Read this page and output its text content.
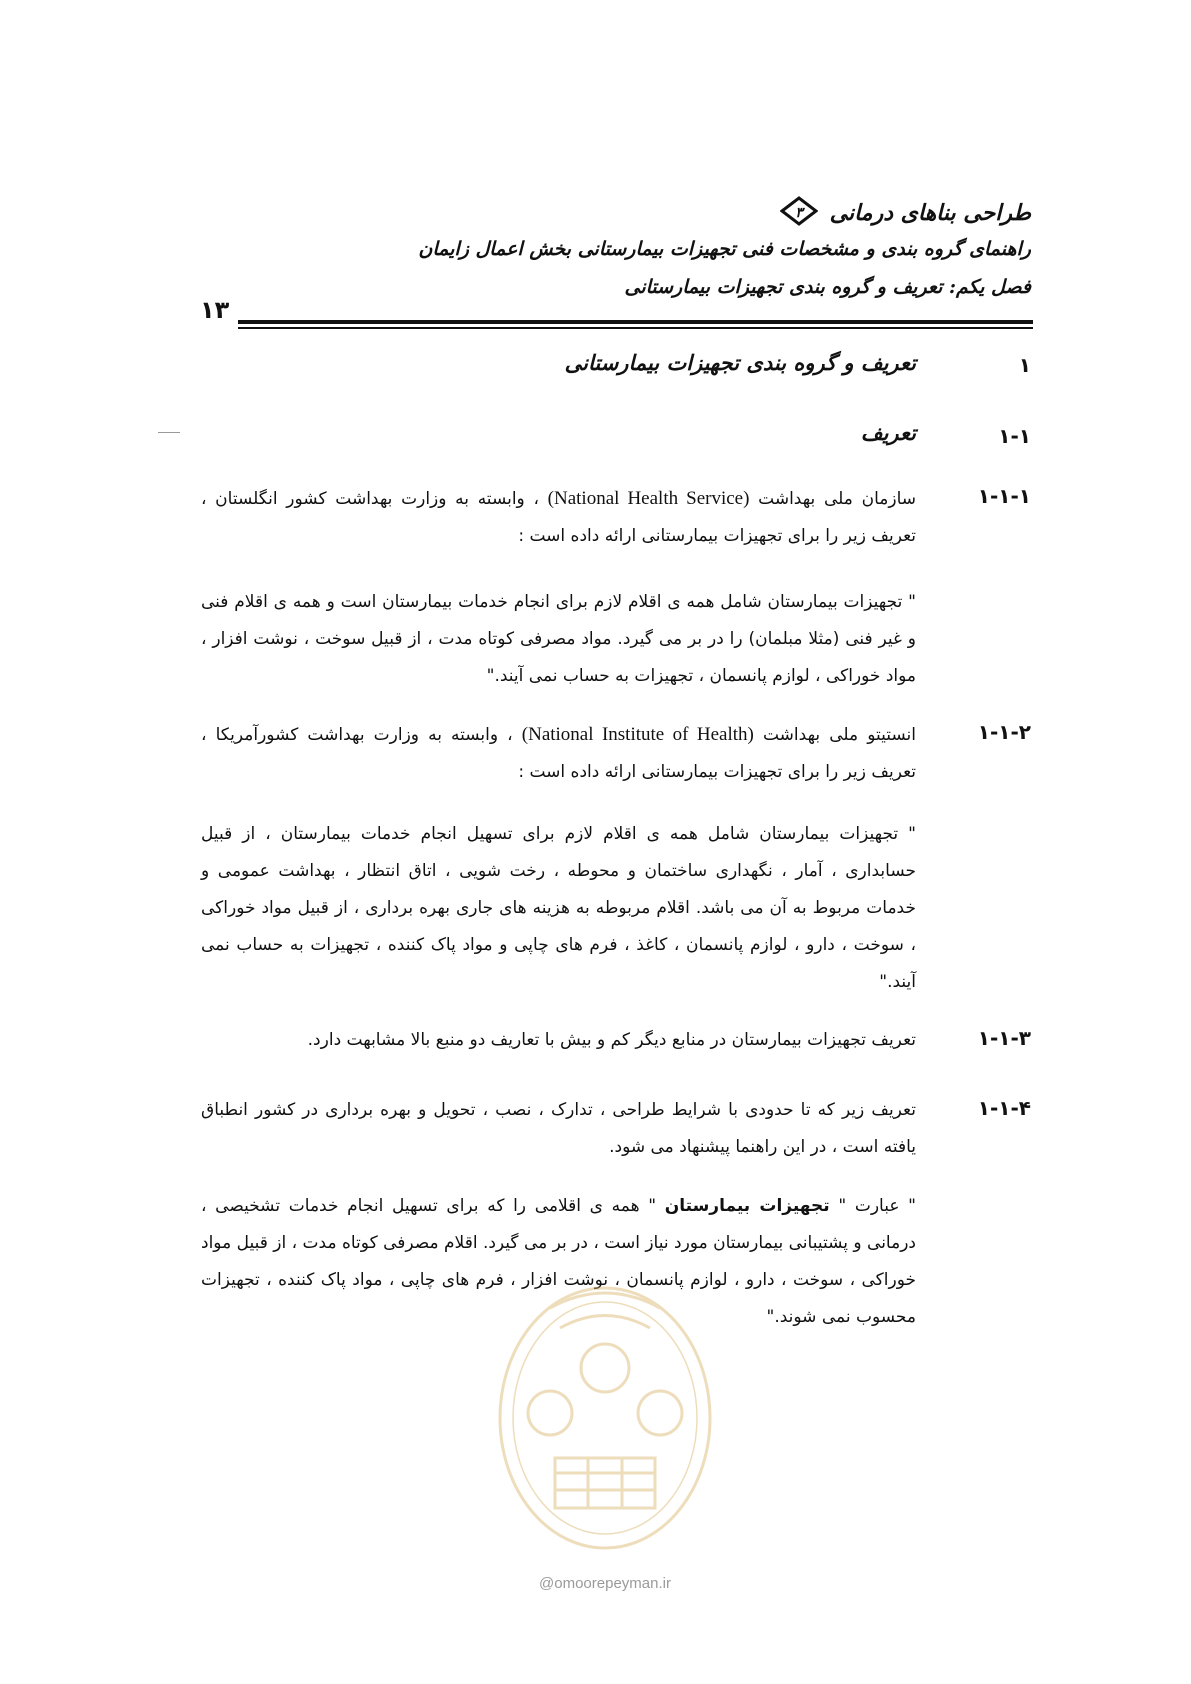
طراحی بناهای درمانی
۳
راهنمای گروه بندی و مشخصات فنی تجهیزات بیمارستانی بخش اعمال زایمان
فصل یکم: تعریف و گروه بندی تجهیزات بیمارستانی
۱۳
۱
تعریف و گروه بندی تجهیزات بیمارستانی
۱-۱
تعریف
۱-۱-۱
سازمان ملی بهداشت (National Health Service) ، وابسته به وزارت بهداشت کشور انگلستان ، تعریف زیر را برای تجهیزات بیمارستانی ارائه داده است :
" تجهیزات بیمارستان شامل همه ی اقلام لازم برای انجام خدمات بیمارستان است و همه ی اقلام فنی و غیر فنی (مثلا مبلمان) را در بر می گیرد. مواد مصرفی کوتاه مدت ، از قبیل سوخت ، نوشت افزار ، مواد خوراکی ، لوازم پانسمان ، تجهیزات به حساب نمی آیند."
۱-۱-۲
انستیتو ملی بهداشت (National Institute of Health) ، وابسته به وزارت بهداشت کشورآمریکا ، تعریف زیر را برای تجهیزات بیمارستانی ارائه داده است :
" تجهیزات بیمارستان شامل همه ی اقلام لازم برای تسهیل انجام خدمات بیمارستان ، از قبیل حسابداری ، آمار ، نگهداری ساختمان و محوطه ، رخت شویی ، اتاق انتظار ، بهداشت عمومی و خدمات مربوط به آن می باشد. اقلام مربوطه به هزینه های جاری بهره برداری ، از قبیل مواد خوراکی ، سوخت ، دارو ، لوازم پانسمان ، کاغذ ، فرم های چاپی و مواد پاک کننده ، تجهیزات به حساب نمی آیند."
۱-۱-۳
تعریف تجهیزات بیمارستان در منابع دیگر کم و بیش با تعاریف دو منبع بالا مشابهت دارد.
۱-۱-۴
تعریف زیر که تا حدودی با شرایط طراحی ، تدارک ، نصب ، تحویل و بهره برداری در کشور انطباق یافته است ، در این راهنما پیشنهاد می شود.
" عبارت " تجهیزات بیمارستان " همه ی اقلامی را که برای تسهیل انجام خدمات تشخیصی ، درمانی و پشتیبانی بیمارستان مورد نیاز است ، در بر می گیرد. اقلام مصرفی کوتاه مدت ، از قبیل مواد خوراکی ، سوخت ، دارو ، لوازم پانسمان ، نوشت افزار ، فرم های چاپی ، مواد پاک کننده ، تجهیزات محسوب نمی شوند."
@omoorepeyman.ir
